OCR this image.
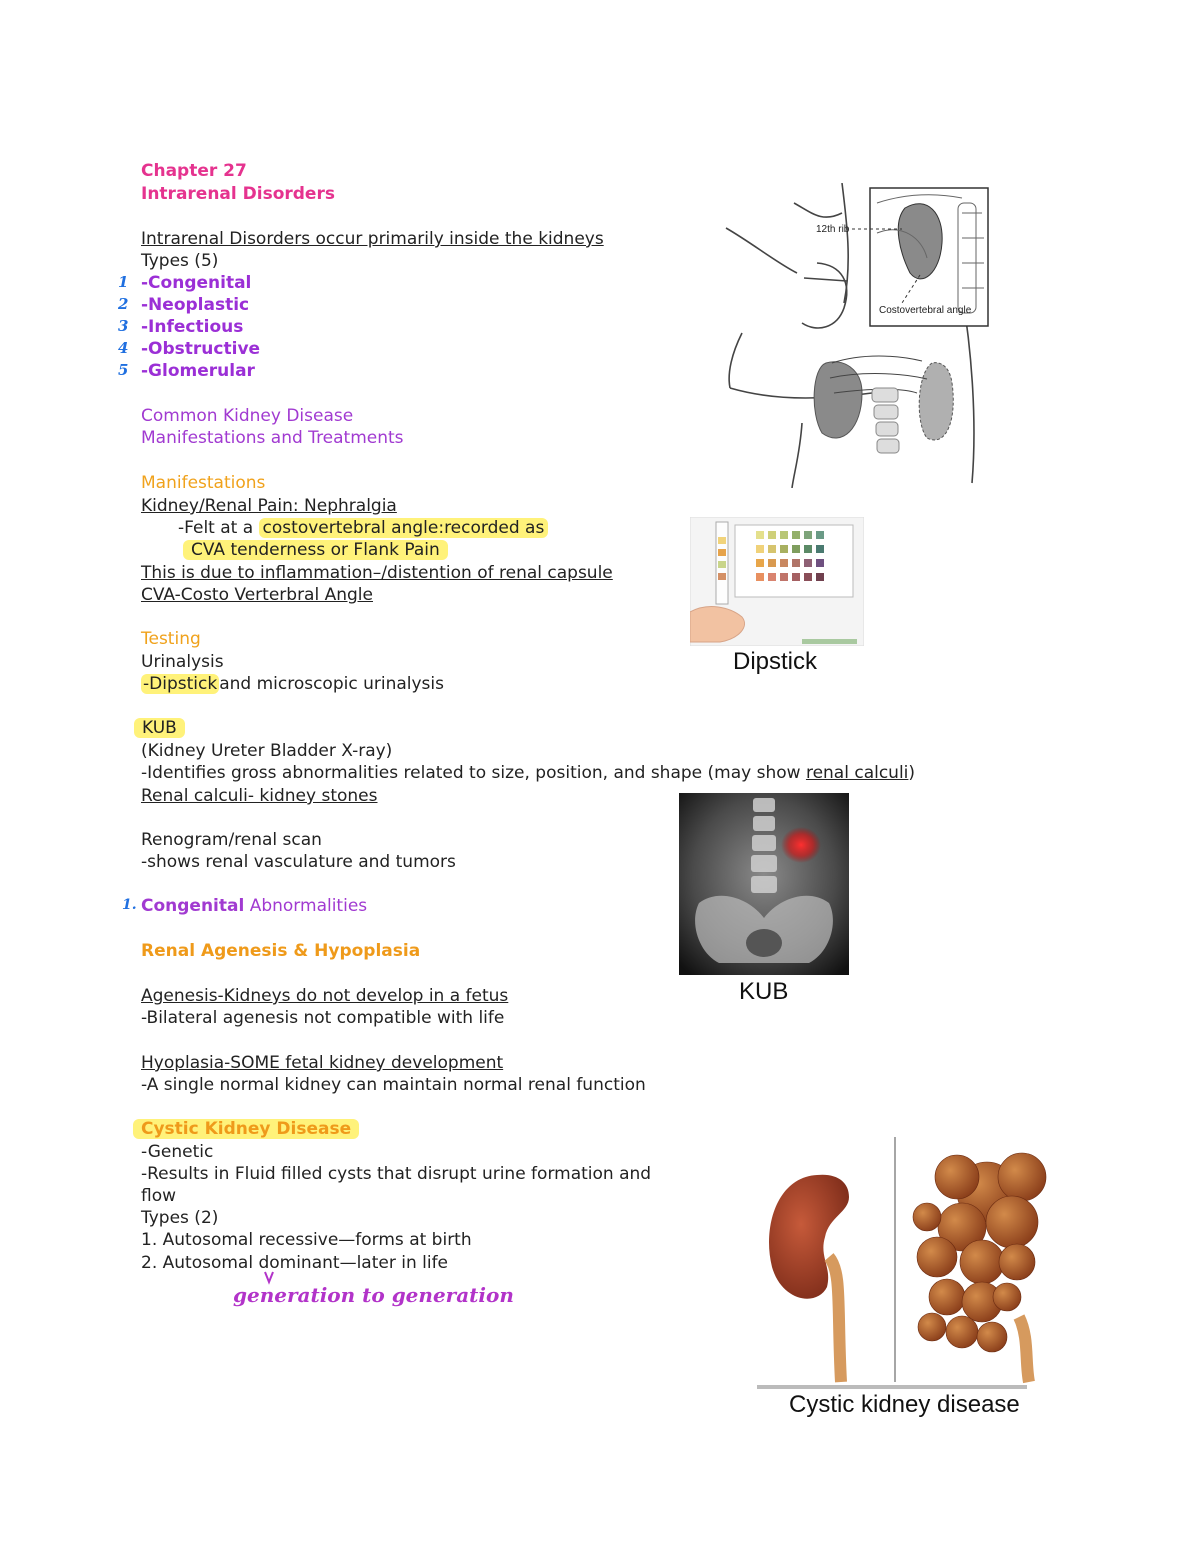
Chapter 27
Intrarenal Disorders
Intrarenal Disorders occur primarily inside the kidneys
Types (5)
1 -Congenital
2 -Neoplastic
3 -Infectious
4 -Obstructive
5 -Glomerular
Common Kidney Disease
Manifestations and Treatments
Manifestations
Kidney/Renal Pain: Nephralgia
-Felt at a costovertebral angle:recorded as
CVA tenderness or Flank Pain
This is due to inflammation–/distention of renal capsule
CVA-Costo Verterbral Angle
Testing
Urinalysis
-Dipstick and microscopic urinalysis
KUB
(Kidney Ureter Bladder X-ray)
-Identifies gross abnormalities related to size, position, and shape (may show renal calculi)
Renal calculi- kidney stones
Renogram/renal scan
-shows renal vasculature and tumors
1. Congenital Abnormalities
Renal Agenesis & Hypoplasia
Agenesis-Kidneys do not develop in a fetus
-Bilateral agenesis not compatible with life
Hyoplasia-SOME fetal kidney development
-A single normal kidney can maintain normal renal function
Cystic Kidney Disease
-Genetic
-Results in Fluid filled cysts that disrupt urine formation and
flow
Types (2)
1. Autosomal recessive—forms at birth
2. Autosomal dominant—later in life
generation to generation
12th rib
Costovertebral angle
Dipstick
KUB
Cystic kidney disease
